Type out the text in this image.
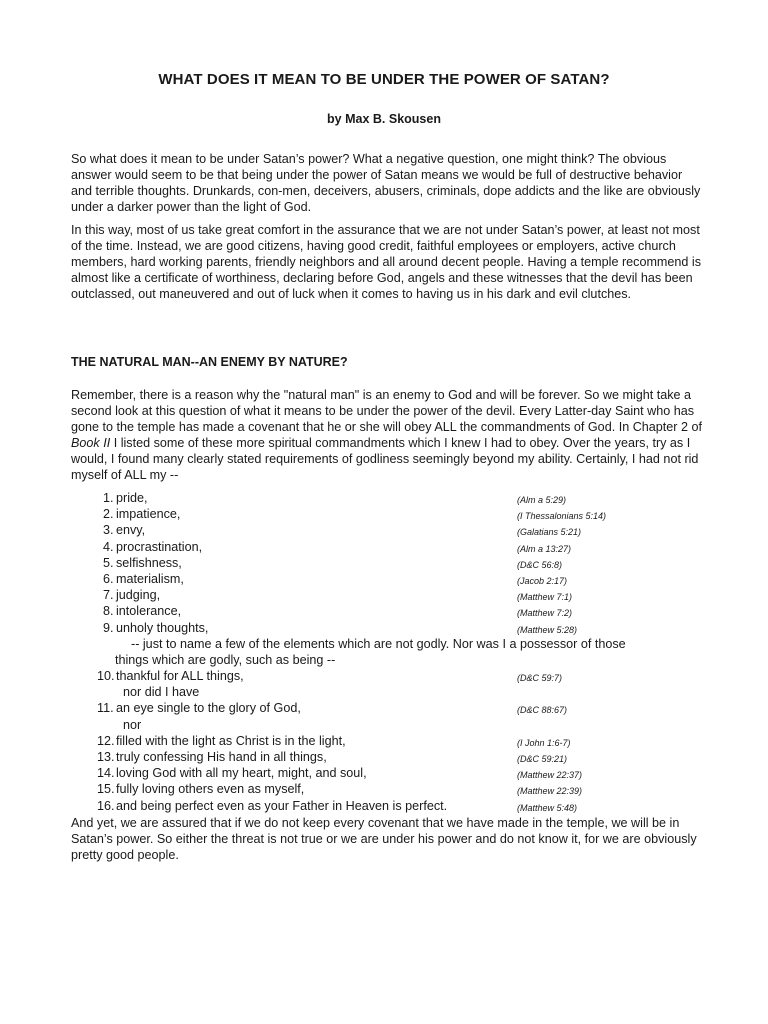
WHAT DOES IT MEAN TO BE UNDER THE POWER OF SATAN?
by Max B. Skousen
So what does it mean to be under Satan’s power? What a negative question, one might think? The obvious answer would seem to be that being under the power of Satan means we would be full of destructive behavior and terrible thoughts. Drunkards, con-men, deceivers, abusers, criminals, dope addicts and the like are obviously under a darker power than the light of God.
In this way, most of us take great comfort in the assurance that we are not under Satan’s power, at least not most of the time. Instead, we are good citizens, having good credit, faithful employees or employers, active church members, hard working parents, friendly neighbors and all around decent people. Having a temple recommend is almost like a certificate of worthiness, declaring before God, angels and these witnesses that the devil has been outclassed, out maneuvered and out of luck when it comes to having us in his dark and evil clutches.
THE NATURAL MAN--AN ENEMY BY NATURE?
Remember, there is a reason why the "natural man" is an enemy to God and will be forever. So we might take a second look at this question of what it means to be under the power of the devil. Every Latter-day Saint who has gone to the temple has made a covenant that he or she will obey ALL the commandments of God. In Chapter 2 of Book II I listed some of these more spiritual commandments which I knew I had to obey. Over the years, try as I would, I found many clearly stated requirements of godliness seemingly beyond my ability. Certainly, I had not rid myself of ALL my --
1. pride,	(Alm a 5:29)
2. impatience,	(I Thessalonians 5:14)
3. envy,	(Galatians 5:21)
4. procrastination,	(Alm a 13:27)
5. selfishness,	(D&C 56:8)
6. materialism,	(Jacob 2:17)
7. judging,	(Matthew 7:1)
8. intolerance,	(Matthew 7:2)
9. unholy thoughts,	(Matthew 5:28)
-- just to name a few of the elements which are not godly. Nor was I a possessor of those
things which are godly, such as being --
10. thankful for ALL things,	(D&C 59:7)
nor did I have
11. an eye single to the glory of God,	(D&C 88:67)
nor
12. filled with the light as Christ is in the light,	(I John 1:6-7)
13. truly confessing His hand in all things,	(D&C 59:21)
14. loving God with all my heart, might, and soul,	(Matthew 22:37)
15. fully loving others even as myself,	(Matthew 22:39)
16. and being perfect even as your Father in Heaven is perfect.	(Matthew 5:48)
And yet, we are assured that if we do not keep every covenant that we have made in the temple, we will be in Satan’s power. So either the threat is not true or we are under his power and do not know it, for we are obviously pretty good people.
